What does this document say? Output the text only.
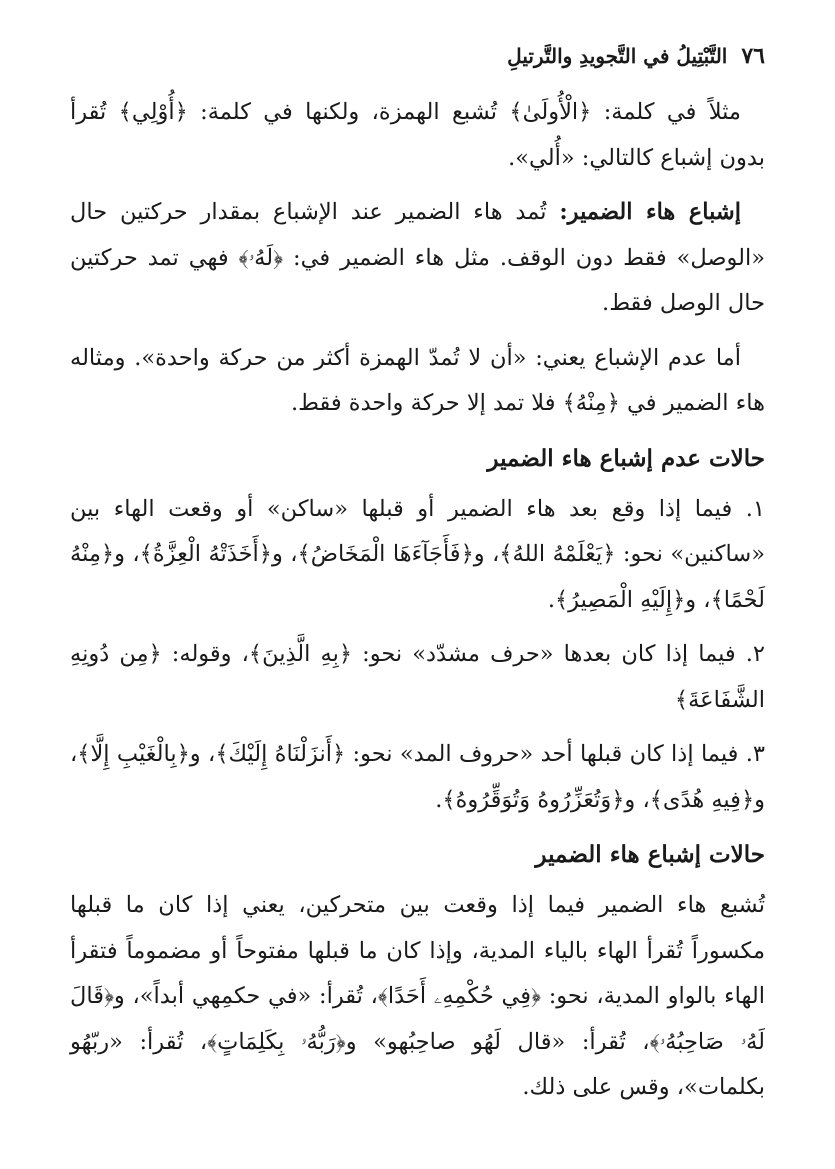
٧٦
التَّبْتِيلُ في التَّجويدِ والتَّرتيلِ

مثلاً في كلمة: ﴿الْأُولَىٰ﴾ تُشبع الهمزة، ولكنها في كلمة: ﴿أُوْلِي﴾ تُقرأ بدون إشباع كالتالي: «أُلي».

إشباع هاء الضمير: تُمد هاء الضمير عند الإشباع بمقدار حركتين حال «الوصل» فقط دون الوقف. مثل هاء الضمير في: ﴿لَهُۥ﴾ فهي تمد حركتين حال الوصل فقط.

أما عدم الإشباع يعني: «أن لا تُمدّ الهمزة أكثر من حركة واحدة». ومثاله هاء الضمير في ﴿مِنْهُ﴾ فلا تمد إلا حركة واحدة فقط.

حالات عدم إشباع هاء الضمير

١. فيما إذا وقع بعد هاء الضمير أو قبلها «ساكن» أو وقعت الهاء بين «ساكنين» نحو: ﴿يَعْلَمْهُ اللهُ﴾، و﴿فَأَجَآءَهَا الْمَخَاضُ﴾، و﴿أَخَذَتْهُ الْعِزَّةُ﴾، و﴿مِنْهُ لَحْمًا﴾، و﴿إِلَيْهِ الْمَصِيرُ﴾.

٢. فيما إذا كان بعدها «حرف مشدّد» نحو: ﴿بِهِ الَّذِينَ﴾، وقوله: ﴿مِن دُونِهِ الشَّفَاعَةَ﴾

٣. فيما إذا كان قبلها أحد «حروف المد» نحو: ﴿أَنزَلْنَاهُ إِلَيْكَ﴾، و﴿بِالْغَيْبِ إِلَّا﴾، و﴿فِيهِ هُدًى﴾، و﴿وَتُعَزِّرُوهُ وَتُوَقِّرُوهُ﴾.

حالات إشباع هاء الضمير

تُشبع هاء الضمير فيما إذا وقعت بين متحركين، يعني إذا كان ما قبلها مكسوراً تُقرأ الهاء بالياء المدية، وإذا كان ما قبلها مفتوحاً أو مضموماً فتقرأ الهاء بالواو المدية، نحو: ﴿فِي حُكْمِهِۦ أَحَدًا﴾، تُقرأ: «في حكمِهي أبداً»، و﴿قَالَ لَهُۥ صَاحِبُهُۥ﴾، تُقرأ: «قال لَهُو صاحِبُهو» و﴿رَبُّهُۥ بِكَلِمَاتٍ﴾، تُقرأ: «ربّهُو بكلمات»، وقس على ذلك.
